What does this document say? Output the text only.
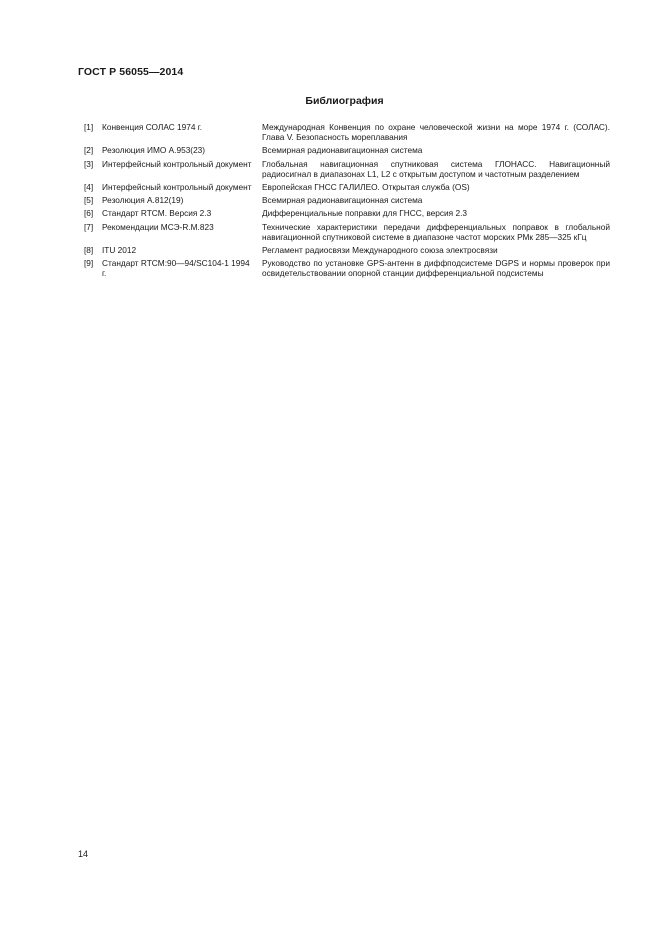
ГОСТ Р 56055—2014
Библиография
[1]	Конвенция СОЛАС 1974 г.	Международная Конвенция по охране человеческой жизни на море 1974 г. (СОЛАС). Глава V. Безопасность мореплавания
[2]	Резолюция ИМО А.953(23)	Всемирная радионавигационная система
[3]	Интерфейсный контрольный документ	Глобальная навигационная спутниковая система ГЛОНАСС. Навигационный радиосигнал в диапазонах L1, L2 с открытым доступом и частотным разделением
[4]	Интерфейсный контрольный документ	Европейская ГНСС ГАЛИЛЕО. Открытая служба (OS)
[5]	Резолюция А.812(19)	Всемирная радионавигационная система
[6]	Стандарт RTCM. Версия 2.3	Дифференциальные поправки для ГНСС, версия 2.3
[7]	Рекомендации МСЭ-R.M.823	Технические характеристики передачи дифференциальных поправок в глобальной навигационной спутниковой системе в диапазоне частот морских РМк 285—325 кГц
[8]	ITU 2012	Регламент радиосвязи Международного союза электросвязи
[9]	Стандарт RTCM:90—94/SC104-1 1994 г.	Руководство по установке GPS-антенн в диффподсистеме DGPS и нормы проверок при освидетельствовании опорной станции дифференциальной подсистемы
14
